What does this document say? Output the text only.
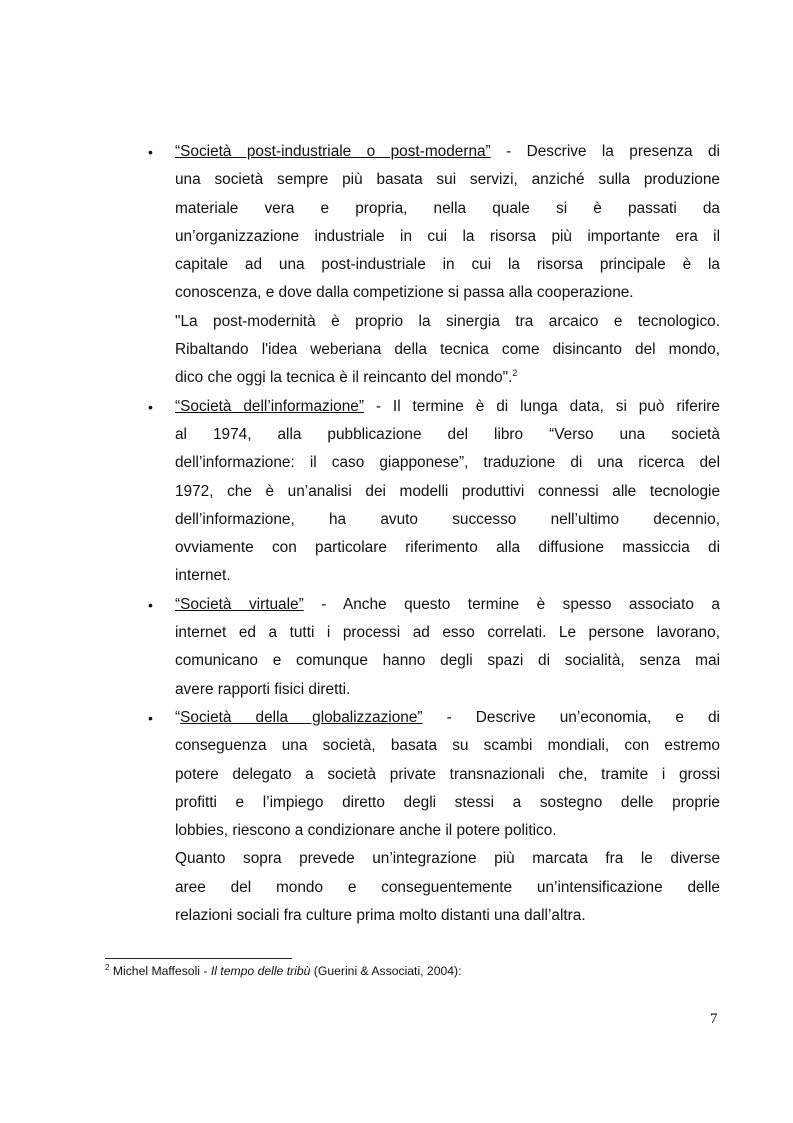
• “Società post-industriale o post-moderna” - Descrive la presenza di
una società sempre più basata sui servizi, anziché sulla produzione
materiale vera e propria, nella quale si è passati da
un’organizzazione industriale in cui la risorsa più importante era il
capitale ad una post-industriale in cui la risorsa principale è la
conoscenza, e dove dalla competizione si passa alla cooperazione.
"La post-modernità è proprio la sinergia tra arcaico e tecnologico.
Ribaltando l'idea weberiana della tecnica come disincanto del mondo,
dico che oggi la tecnica è il reincanto del mondo".$^2$
• “Società dell’informazione” - Il termine è di lunga data, si può riferire
al 1974, alla pubblicazione del libro “Verso una società
dell’informazione: il caso giapponese”, traduzione di una ricerca del
1972, che è un’analisi dei modelli produttivi connessi alle tecnologie
dell’informazione, ha avuto successo nell’ultimo decennio,
ovviamente con particolare riferimento alla diffusione massiccia di
internet.
• “Società virtuale” - Anche questo termine è spesso associato a
internet ed a tutti i processi ad esso correlati. Le persone lavorano,
comunicano e comunque hanno degli spazi di socialità, senza mai
avere rapporti fisici diretti.
• “Società della globalizzazione” - Descrive un’economia, e di
conseguenza una società, basata su scambi mondiali, con estremo
potere delegato a società private transnazionali che, tramite i grossi
profitti e l’impiego diretto degli stessi a sostegno delle proprie
lobbies, riescono a condizionare anche il potere politico.
Quanto sopra prevede un’integrazione più marcata fra le diverse
aree del mondo e conseguentemente un’intensificazione delle
relazioni sociali fra culture prima molto distanti una dall’altra.
$^2$ Michel Maffesoli - Il tempo delle tribù (Guerini & Associati, 2004):
7
